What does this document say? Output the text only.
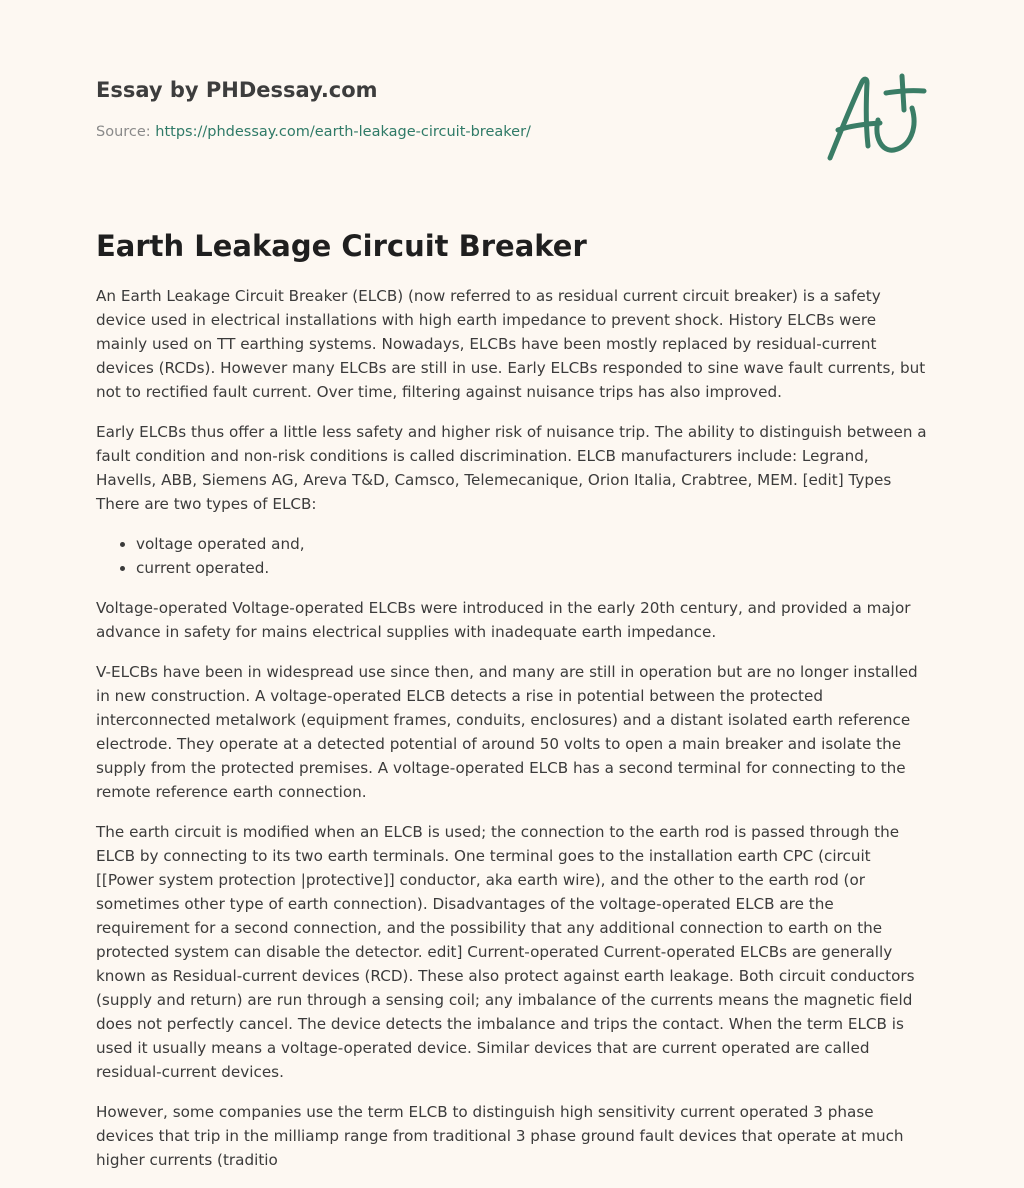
Essay by PHDessay.com
Source: https://phdessay.com/earth-leakage-circuit-breaker/
Earth Leakage Circuit Breaker

An Earth Leakage Circuit Breaker (ELCB) (now referred to as residual current circuit breaker) is a safety device used in electrical installations with high earth impedance to prevent shock. History ELCBs were mainly used on TT earthing systems. Nowadays, ELCBs have been mostly replaced by residual-current devices (RCDs). However many ELCBs are still in use. Early ELCBs responded to sine wave fault currents, but not to rectified fault current. Over time, filtering against nuisance trips has also improved.

Early ELCBs thus offer a little less safety and higher risk of nuisance trip. The ability to distinguish between a fault condition and non-risk conditions is called discrimination. ELCB manufacturers include: Legrand, Havells, ABB, Siemens AG, Areva T&D, Camsco, Telemecanique, Orion Italia, Crabtree, MEM. [edit] Types There are two types of ELCB:

• voltage operated and,
• current operated.

Voltage-operated Voltage-operated ELCBs were introduced in the early 20th century, and provided a major advance in safety for mains electrical supplies with inadequate earth impedance.

V-ELCBs have been in widespread use since then, and many are still in operation but are no longer installed in new construction. A voltage-operated ELCB detects a rise in potential between the protected interconnected metalwork (equipment frames, conduits, enclosures) and a distant isolated earth reference electrode. They operate at a detected potential of around 50 volts to open a main breaker and isolate the supply from the protected premises. A voltage-operated ELCB has a second terminal for connecting to the remote reference earth connection.

The earth circuit is modified when an ELCB is used; the connection to the earth rod is passed through the ELCB by connecting to its two earth terminals. One terminal goes to the installation earth CPC (circuit [[Power system protection |protective]] conductor, aka earth wire), and the other to the earth rod (or sometimes other type of earth connection). Disadvantages of the voltage-operated ELCB are the requirement for a second connection, and the possibility that any additional connection to earth on the protected system can disable the detector. edit] Current-operated Current-operated ELCBs are generally known as Residual-current devices (RCD). These also protect against earth leakage. Both circuit conductors (supply and return) are run through a sensing coil; any imbalance of the currents means the magnetic field does not perfectly cancel. The device detects the imbalance and trips the contact. When the term ELCB is used it usually means a voltage-operated device. Similar devices that are current operated are called residual-current devices.

However, some companies use the term ELCB to distinguish high sensitivity current operated 3 phase devices that trip in the milliamp range from traditional 3 phase ground fault devices that operate at much higher currents (traditio
